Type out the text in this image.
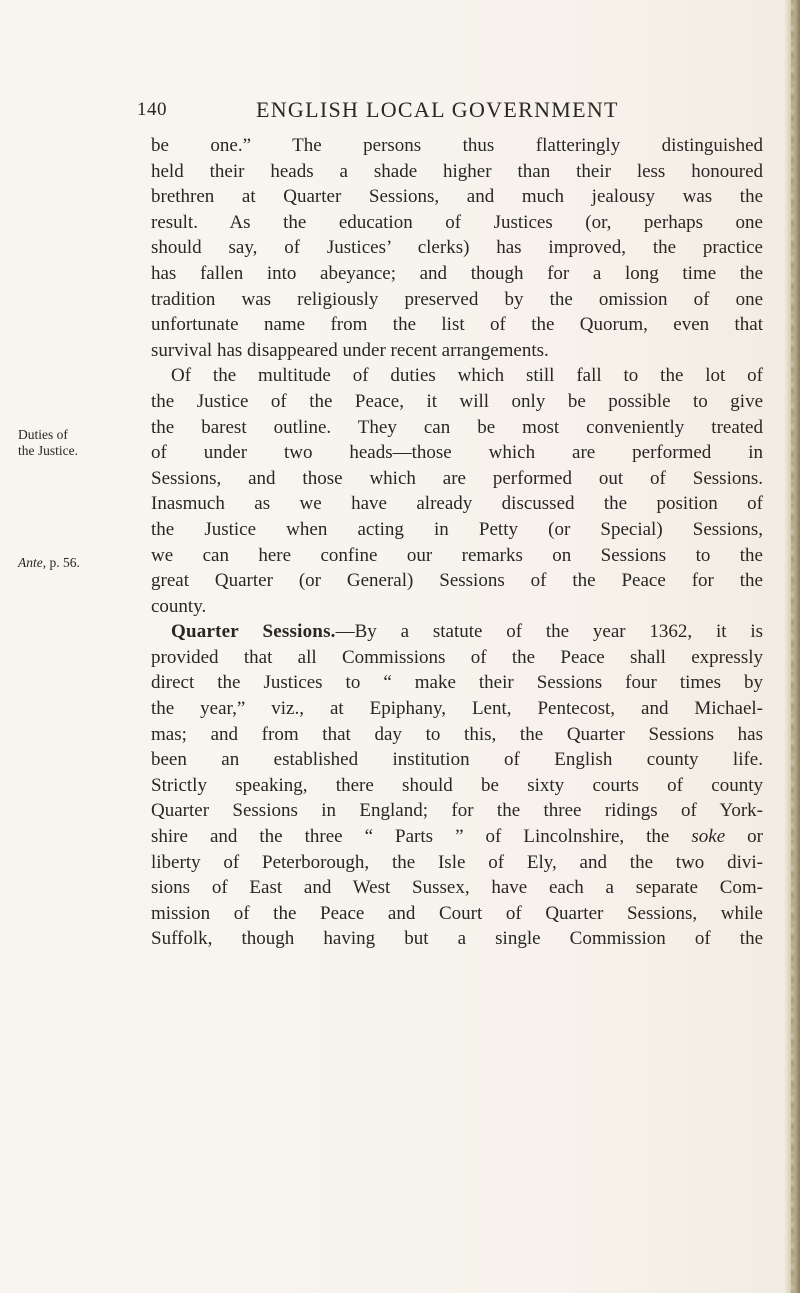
140	ENGLISH LOCAL GOVERNMENT
Duties of
the Justice.
Ante, p. 56.
be one.” The persons thus flatteringly distinguished
held their heads a shade higher than their less honoured
brethren at Quarter Sessions, and much jealousy was the
result. As the education of Justices (or, perhaps one
should say, of Justices’ clerks) has improved, the practice
has fallen into abeyance; and though for a long time the
tradition was religiously preserved by the omission of one
unfortunate name from the list of the Quorum, even that
survival has disappeared under recent arrangements.
Of the multitude of duties which still fall to the lot of
the Justice of the Peace, it will only be possible to give
the barest outline. They can be most conveniently treated
of under two heads—those which are performed in
Sessions, and those which are performed out of Sessions.
Inasmuch as we have already discussed the position of
the Justice when acting in Petty (or Special) Sessions,
we can here confine our remarks on Sessions to the
great Quarter (or General) Sessions of the Peace for the
county.
Quarter Sessions.—By a statute of the year 1362, it is
provided that all Commissions of the Peace shall expressly
direct the Justices to “ make their Sessions four times by
the year,” viz., at Epiphany, Lent, Pentecost, and Michael-
mas; and from that day to this, the Quarter Sessions has
been an established institution of English county life.
Strictly speaking, there should be sixty courts of county
Quarter Sessions in England; for the three ridings of York-
shire and the three “ Parts ” of Lincolnshire, the soke or
liberty of Peterborough, the Isle of Ely, and the two divi-
sions of East and West Sussex, have each a separate Com-
mission of the Peace and Court of Quarter Sessions, while
Suffolk, though having but a single Commission of the
